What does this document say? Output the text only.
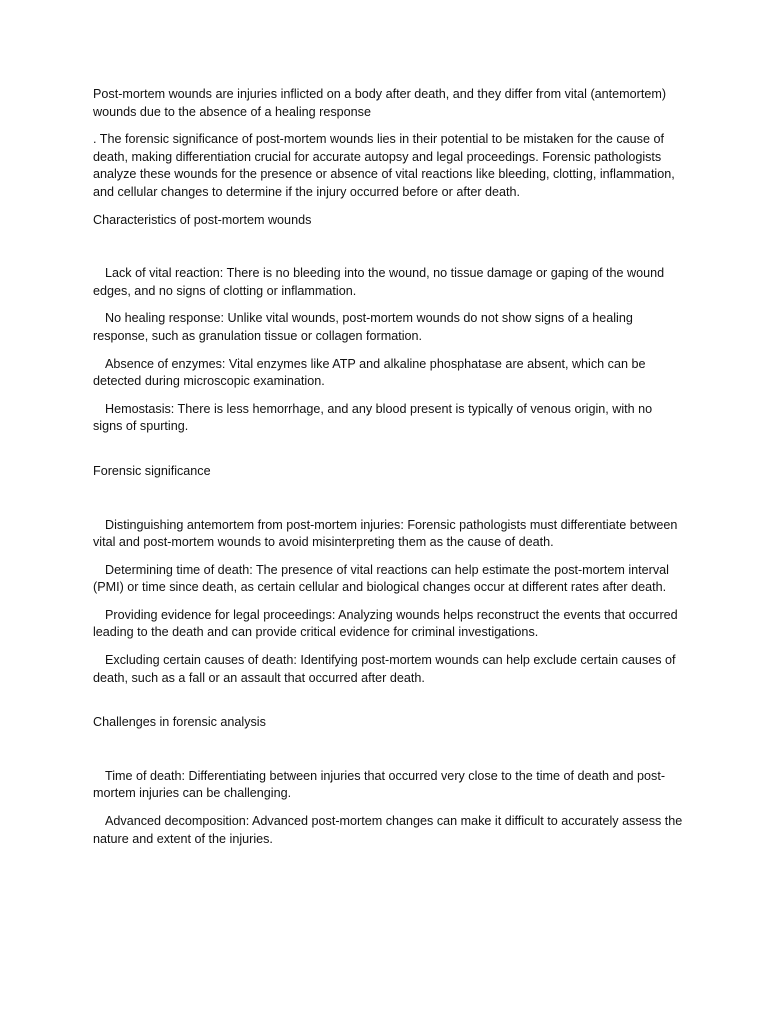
Post-mortem wounds are injuries inflicted on a body after death, and they differ from vital (antemortem) wounds due to the absence of a healing response

. The forensic significance of post-mortem wounds lies in their potential to be mistaken for the cause of death, making differentiation crucial for accurate autopsy and legal proceedings. Forensic pathologists analyze these wounds for the presence or absence of vital reactions like bleeding, clotting, inflammation, and cellular changes to determine if the injury occurred before or after death.

Characteristics of post-mortem wounds

Lack of vital reaction: There is no bleeding into the wound, no tissue damage or gaping of the wound edges, and no signs of clotting or inflammation.

No healing response: Unlike vital wounds, post-mortem wounds do not show signs of a healing response, such as granulation tissue or collagen formation.

Absence of enzymes: Vital enzymes like ATP and alkaline phosphatase are absent, which can be detected during microscopic examination.

Hemostasis: There is less hemorrhage, and any blood present is typically of venous origin, with no signs of spurting.

Forensic significance

Distinguishing antemortem from post-mortem injuries: Forensic pathologists must differentiate between vital and post-mortem wounds to avoid misinterpreting them as the cause of death.

Determining time of death: The presence of vital reactions can help estimate the post-mortem interval (PMI) or time since death, as certain cellular and biological changes occur at different rates after death.

Providing evidence for legal proceedings: Analyzing wounds helps reconstruct the events that occurred leading to the death and can provide critical evidence for criminal investigations.

Excluding certain causes of death: Identifying post-mortem wounds can help exclude certain causes of death, such as a fall or an assault that occurred after death.

Challenges in forensic analysis

Time of death: Differentiating between injuries that occurred very close to the time of death and post-mortem injuries can be challenging.

Advanced decomposition: Advanced post-mortem changes can make it difficult to accurately assess the nature and extent of the injuries.
